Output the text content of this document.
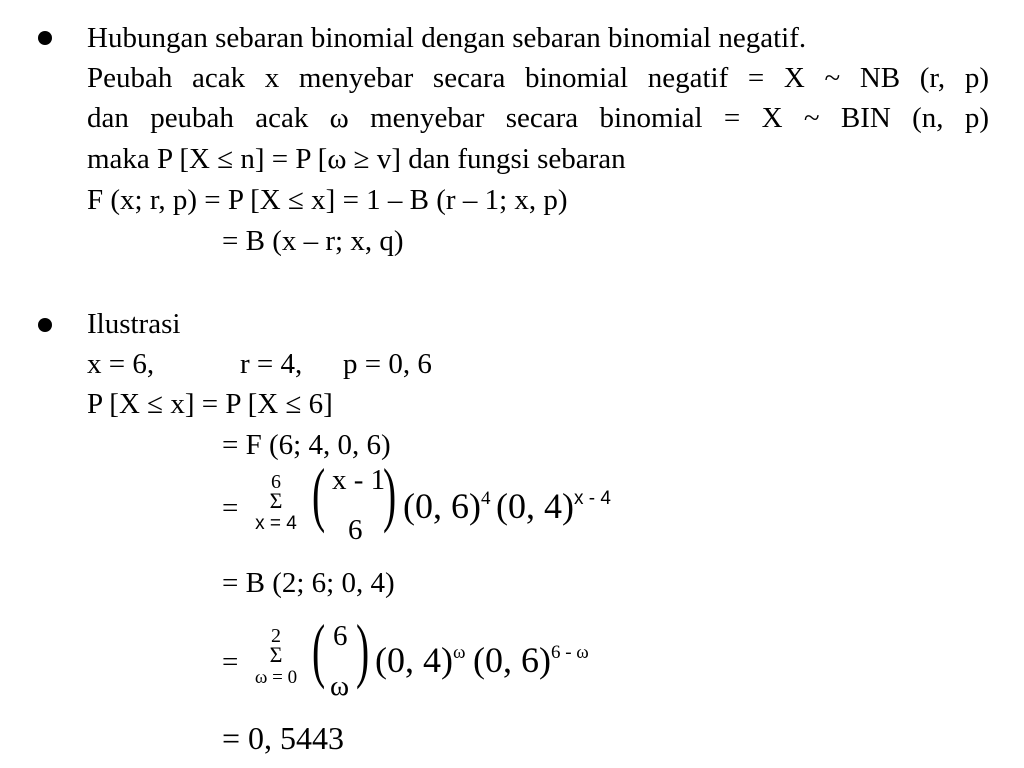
Hubungan sebaran binomial dengan sebaran binomial negatif.
Peubah acak x menyebar secara binomial negatif = X ~ NB (r, p)
dan peubah acak ω menyebar secara binomial = X ~ BIN (n, p)
maka P [X ≤ n] = P [ω ≥ v] dan fungsi sebaran
F (x; r, p) = P [X ≤ x] = 1 – B (r – 1; x, p)
= B (x – r; x, q)
Ilustrasi
x = 6,	r = 4, p = 0, 6
P [X ≤ x] = P [X ≤ 6]
= F (6; 4, 0, 6)
=
6
Σ
x = 4 ( x - 1
6 ) (0, 6)$^4$ (0, 4)$^{x - 4}$
= B (2; 6; 0, 4)
=
2
Σ
ω = 0 ( 6
ω ) (0, 4)$^\omega$ (0, 6)$^{6 - \omega}$
= 0, 5443
